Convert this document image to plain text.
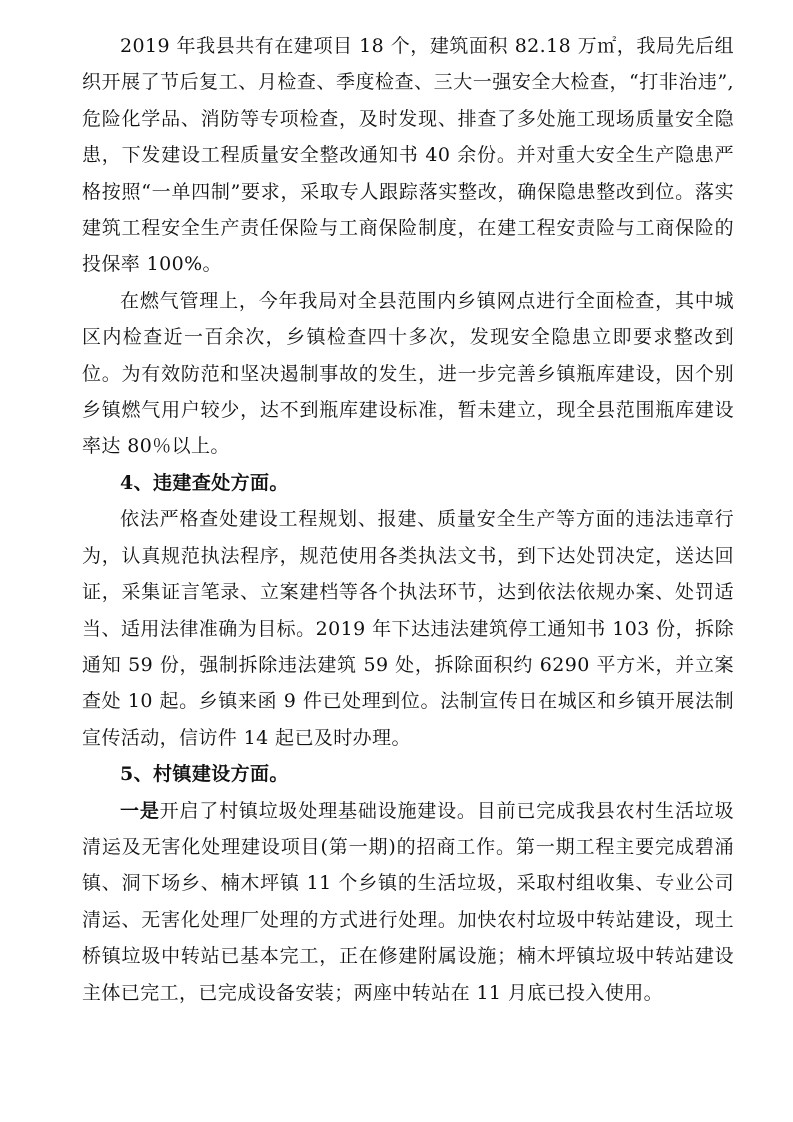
2019 年我县共有在建项目 18 个，建筑面积 82.18 万㎡，我局先后组织开展了节后复工、月检查、季度检查、三大一强安全大检查，“打非治违”,危险化学品、消防等专项检查，及时发现、排查了多处施工现场质量安全隐患，下发建设工程质量安全整改通知书 40 余份。并对重大安全生产隐患严格按照“一单四制”要求，采取专人跟踪落实整改，确保隐患整改到位。落实建筑工程安全生产责任保险与工商保险制度，在建工程安责险与工商保险的投保率 100%。

在燃气管理上，今年我局对全县范围内乡镇网点进行全面检查，其中城区内检查近一百余次，乡镇检查四十多次，发现安全隐患立即要求整改到位。为有效防范和坚决遏制事故的发生，进一步完善乡镇瓶库建设，因个别乡镇燃气用户较少，达不到瓶库建设标准，暂未建立，现全县范围瓶库建设率达 80％以上。

4、违建查处方面。

依法严格查处建设工程规划、报建、质量安全生产等方面的违法违章行为，认真规范执法程序，规范使用各类执法文书，到下达处罚决定，送达回证，采集证言笔录、立案建档等各个执法环节，达到依法依规办案、处罚适当、适用法律准确为目标。2019 年下达违法建筑停工通知书 103 份，拆除通知 59 份，强制拆除违法建筑 59 处，拆除面积约 6290 平方米，并立案查处 10 起。乡镇来函 9 件已处理到位。法制宣传日在城区和乡镇开展法制宣传活动，信访件 14 起已及时办理。

5、村镇建设方面。

一是开启了村镇垃圾处理基础设施建设。目前已完成我县农村生活垃圾清运及无害化处理建设项目(第一期)的招商工作。第一期工程主要完成碧涌镇、洞下场乡、楠木坪镇 11 个乡镇的生活垃圾，采取村组收集、专业公司清运、无害化处理厂处理的方式进行处理。加快农村垃圾中转站建设，现土桥镇垃圾中转站已基本完工，正在修建附属设施；楠木坪镇垃圾中转站建设主体已完工，已完成设备安装；两座中转站在 11 月底已投入使用。
